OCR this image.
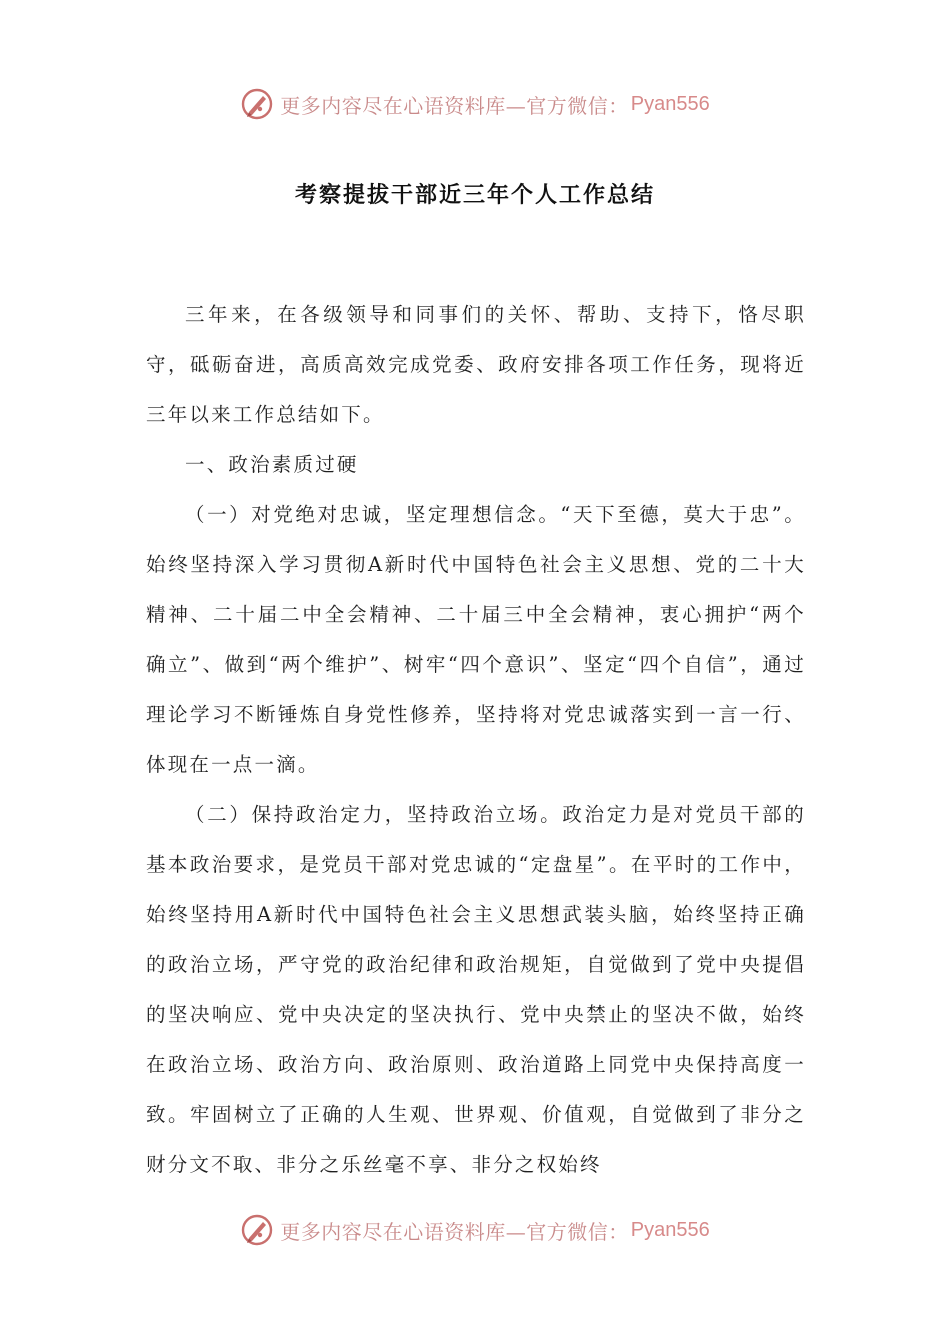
更多内容尽在心语资料库—官方微信： Pyan556
考察提拔干部近三年个人工作总结

三年来，在各级领导和同事们的关怀、帮助、支持下，恪尽职守，砥砺奋进，高质高效完成党委、政府安排各项工作任务，现将近三年以来工作总结如下。

一、政治素质过硬

（一）对党绝对忠诚，坚定理想信念。“天下至德，莫大于忠”。始终坚持深入学习贯彻A新时代中国特色社会主义思想、党的二十大精神、二十届二中全会精神、二十届三中全会精神，衷心拥护“两个确立”、做到“两个维护”、树牢“四个意识”、坚定“四个自信”，通过理论学习不断锤炼自身党性修养，坚持将对党忠诚落实到一言一行、体现在一点一滴。

（二）保持政治定力，坚持政治立场。政治定力是对党员干部的基本政治要求，是党员干部对党忠诚的“定盘星”。在平时的工作中，始终坚持用A新时代中国特色社会主义思想武装头脑，始终坚持正确的政治立场，严守党的政治纪律和政治规矩，自觉做到了党中央提倡的坚决响应、党中央决定的坚决执行、党中央禁止的坚决不做，始终在政治立场、政治方向、政治原则、政治道路上同党中央保持高度一致。牢固树立了正确的人生观、世界观、价值观，自觉做到了非分之财分文不取、非分之乐丝毫不享、非分之权始终

更多内容尽在心语资料库—官方微信： Pyan556
